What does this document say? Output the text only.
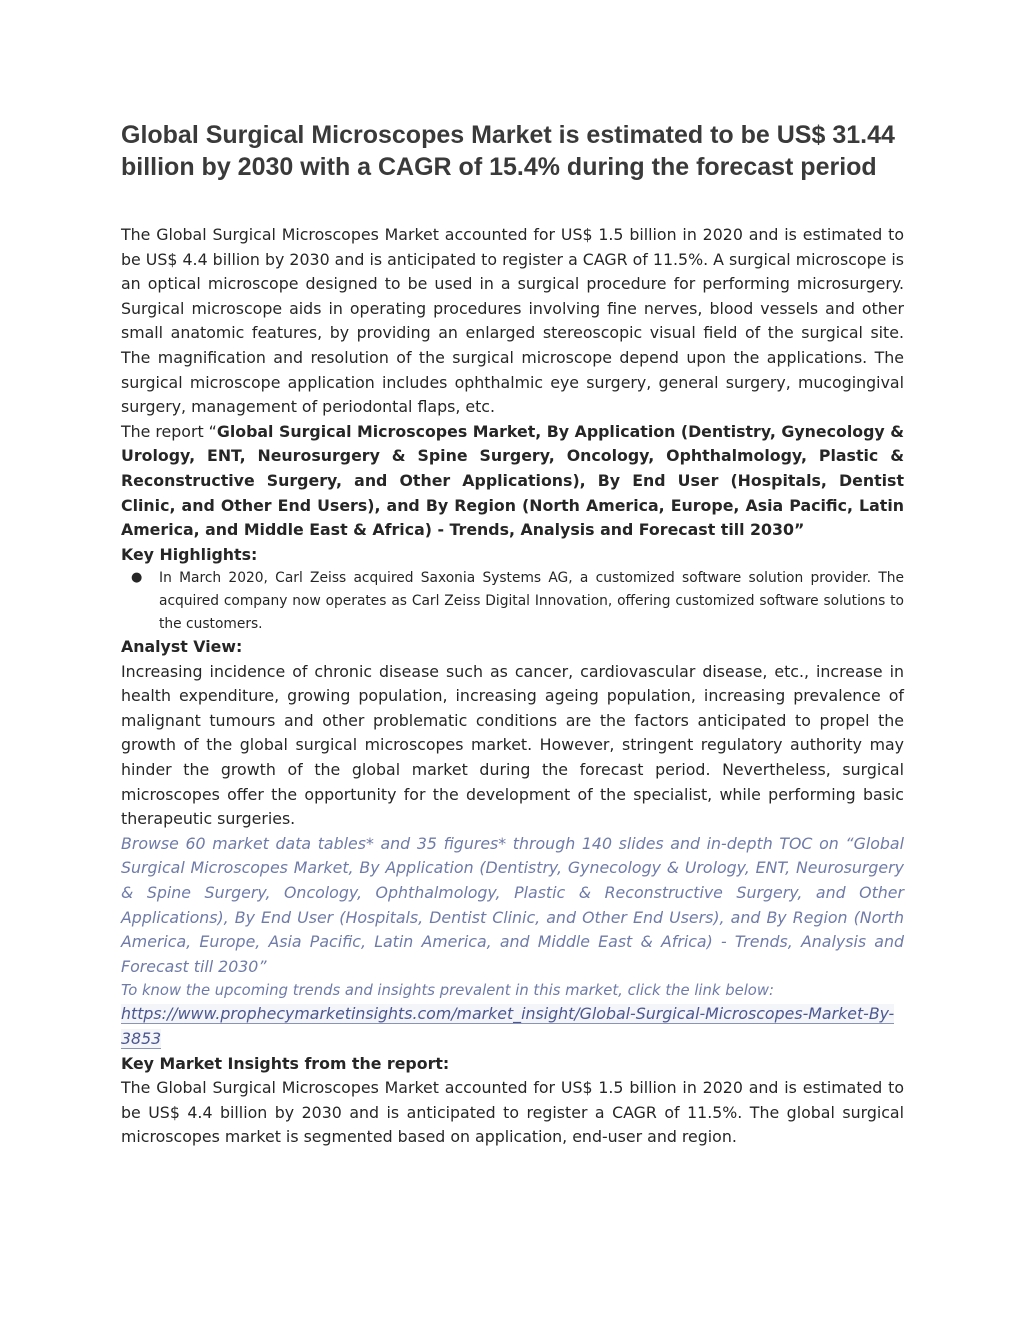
Global Surgical Microscopes Market is estimated to be US$ 31.44 billion by 2030 with a CAGR of 15.4% during the forecast period

The Global Surgical Microscopes Market accounted for US$ 1.5 billion in 2020 and is estimated to be US$ 4.4 billion by 2030 and is anticipated to register a CAGR of 11.5%. A surgical microscope is an optical microscope designed to be used in a surgical procedure for performing microsurgery. Surgical microscope aids in operating procedures involving fine nerves, blood vessels and other small anatomic features, by providing an enlarged stereoscopic visual field of the surgical site. The magnification and resolution of the surgical microscope depend upon the applications. The surgical microscope application includes ophthalmic eye surgery, general surgery, mucogingival surgery, management of periodontal flaps, etc.

The report “Global Surgical Microscopes Market, By Application (Dentistry, Gynecology & Urology, ENT, Neurosurgery & Spine Surgery, Oncology, Ophthalmology, Plastic & Reconstructive Surgery, and Other Applications), By End User (Hospitals, Dentist Clinic, and Other End Users), and By Region (North America, Europe, Asia Pacific, Latin America, and Middle East & Africa) - Trends, Analysis and Forecast till 2030”

Key Highlights:

● In March 2020, Carl Zeiss acquired Saxonia Systems AG, a customized software solution provider. The acquired company now operates as Carl Zeiss Digital Innovation, offering customized software solutions to the customers.

Analyst View:

Increasing incidence of chronic disease such as cancer, cardiovascular disease, etc., increase in health expenditure, growing population, increasing ageing population, increasing prevalence of malignant tumours and other problematic conditions are the factors anticipated to propel the growth of the global surgical microscopes market. However, stringent regulatory authority may hinder the growth of the global market during the forecast period. Nevertheless, surgical microscopes offer the opportunity for the development of the specialist, while performing basic therapeutic surgeries.

Browse 60 market data tables* and 35 figures* through 140 slides and in-depth TOC on “Global Surgical Microscopes Market, By Application (Dentistry, Gynecology & Urology, ENT, Neurosurgery & Spine Surgery, Oncology, Ophthalmology, Plastic & Reconstructive Surgery, and Other Applications), By End User (Hospitals, Dentist Clinic, and Other End Users), and By Region (North America, Europe, Asia Pacific, Latin America, and Middle East & Africa) - Trends, Analysis and Forecast till 2030”

To know the upcoming trends and insights prevalent in this market, click the link below:

https://www.prophecymarketinsights.com/market_insight/Global-Surgical-Microscopes-Market-By-3853

Key Market Insights from the report:

The Global Surgical Microscopes Market accounted for US$ 1.5 billion in 2020 and is estimated to be US$ 4.4 billion by 2030 and is anticipated to register a CAGR of 11.5%. The global surgical microscopes market is segmented based on application, end-user and region.
